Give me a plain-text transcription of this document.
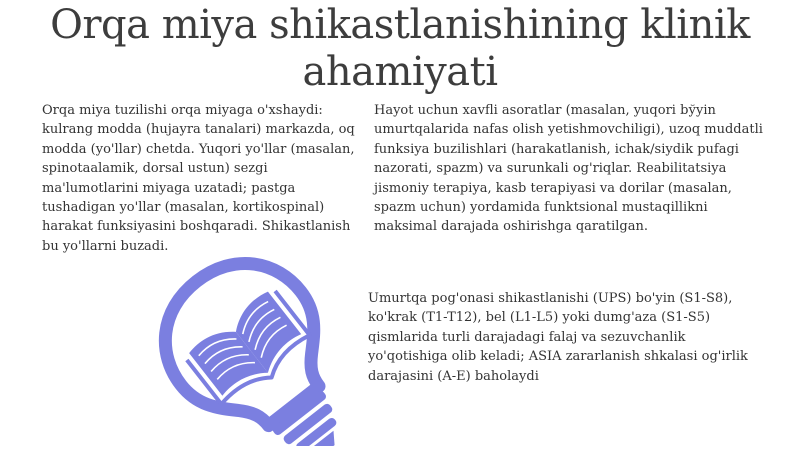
Orqa miya shikastlanishining klinik ahamiyati

Orqa miya tuzilishi orqa miyaga o'xshaydi: kulrang modda (hujayra tanalari) markazda, oq modda (yo'llar) chetda. Yuqori yo'llar (masalan, spinotaalamik, dorsal ustun) sezgi ma'lumotlarini miyaga uzatadi; pastga tushadigan yo'llar (masalan, kortikospinal) harakat funksiyasini boshqaradi. Shikastlanish bu yo'llarni buzadi.

Hayot uchun xavfli asoratlar (masalan, yuqori bўyin umurtqalarida nafas olish yetishmovchiligi), uzoq muddatli funksiya buzilishlari (harakatlanish, ichak/siydik pufagi nazorati, spazm) va surunkali og'riqlar. Reabilitatsiya jismoniy terapiya, kasb terapiyasi va dorilar (masalan, spazm uchun) yordamida funktsional mustaqillikni maksimal darajada oshirishga qaratilgan.

Umurtqa pog'onasi shikastlanishi (UPS) bo'yin (S1-S8), ko'krak (T1-T12), bel (L1-L5) yoki dumg'aza (S1-S5) qismlarida turli darajadagi falaj va sezuvchanlik yo'qotishiga olib keladi; ASIA zararlanish shkalasi og'irlik darajasini (A-E) baholaydi
